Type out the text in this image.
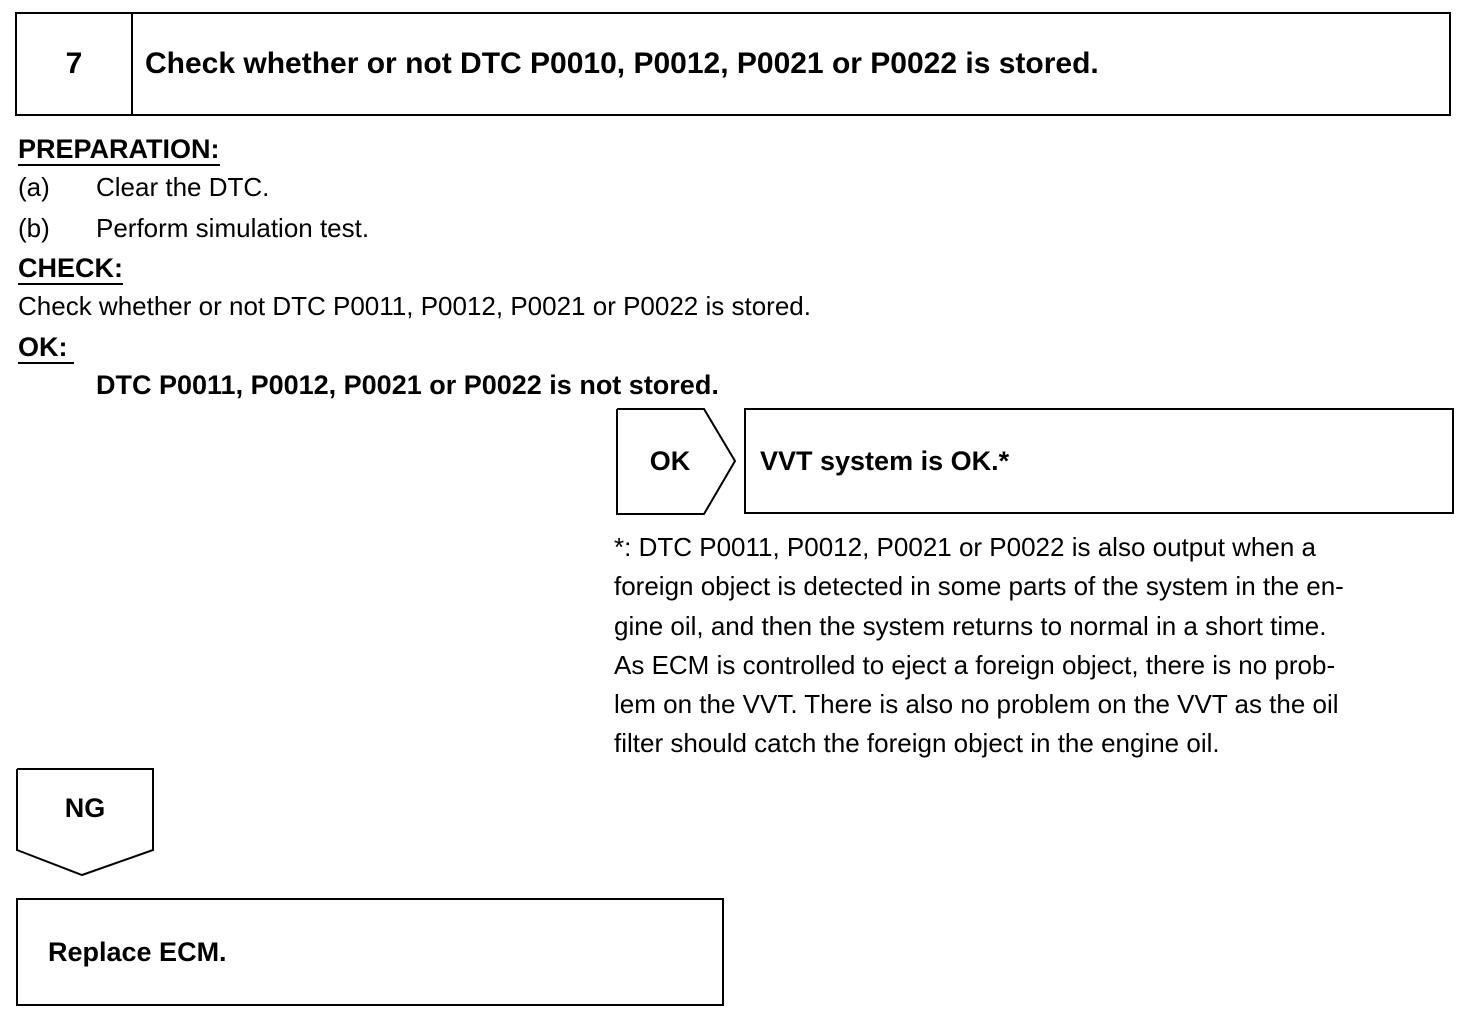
7	Check whether or not DTC P0010, P0012, P0021 or P0022 is stored.
PREPARATION:
(a) Clear the DTC.
(b) Perform simulation test.
CHECK:
Check whether or not DTC P0011, P0012, P0021 or P0022 is stored.
OK:
DTC P0011, P0012, P0021 or P0022 is not stored.
OK	VVT system is OK.*
*: DTC P0011, P0012, P0021 or P0022 is also output when a
foreign object is detected in some parts of the system in the en-
gine oil, and then the system returns to normal in a short time.
As ECM is controlled to eject a foreign object, there is no prob-
lem on the VVT. There is also no problem on the VVT as the oil
filter should catch the foreign object in the engine oil.
NG
Replace ECM.
